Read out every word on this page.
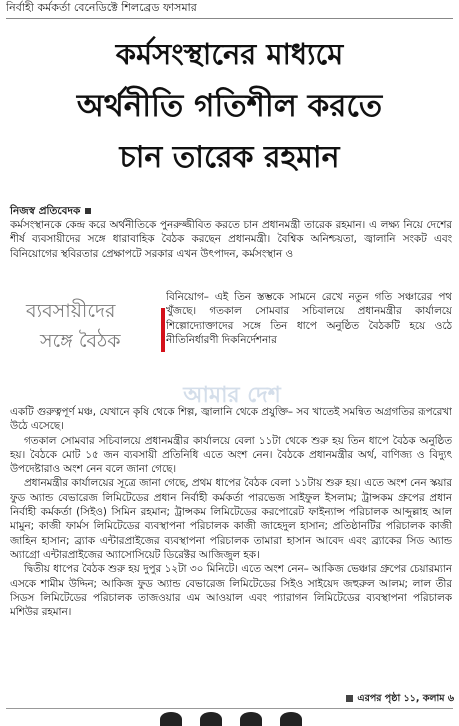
নির্বাহী কর্মকর্তা বেনেডিক্টে শিলব্রেড ফাসমার
কর্মসংস্থানের মাধ্যমে
অর্থনীতি গতিশীল করতে
চান তারেক রহমান
নিজস্ব প্রতিবেদক

কর্মসংস্থানকে কেন্দ্র করে অর্থনীতিকে পুনরুজ্জীবিত করতে চান প্রধানমন্ত্রী তারেক রহমান। এ লক্ষ্য নিয়ে দেশের শীর্ষ ব্যবসায়ীদের সঙ্গে ধারাবাহিক বৈঠক করছেন প্রধানমন্ত্রী। বৈশ্বিক অনিশ্চয়তা, জ্বালানি সংকট এবং বিনিয়োগের স্থবিরতার প্রেক্ষাপটে সরকার এখন উৎপাদন, কর্মসংস্থান ও

ব্যবসায়ীদের
সঙ্গে বৈঠক

বিনিয়োগ– এই তিন স্তম্ভকে সামনে রেখে নতুন গতি সঞ্চারের পথ খুঁজছে। গতকাল সোমবার সচিবালয়ে প্রধানমন্ত্রীর কার্যালয়ে শিল্পোদ্যোক্তাদের সঙ্গে তিন ধাপে অনুষ্ঠিত বৈঠকটি হয়ে ওঠে নীতিনির্ধারণী দিকনির্দেশনার

একটি গুরুত্বপূর্ণ মঞ্চ, যেখানে কৃষি থেকে শিল্প, জ্বালানি থেকে প্রযুক্তি– সব খাতেই সমন্বিত অগ্রগতির রূপরেখা উঠে এসেছে।

গতকাল সোমবার সচিবালয়ে প্রধানমন্ত্রীর কার্যালয়ে বেলা ১১টা থেকে শুরু হয় তিন ধাপে বৈঠক অনুষ্ঠিত হয়। বৈঠকে মোট ১৫ জন ব্যবসায়ী প্রতিনিধি এতে অংশ নেন। বৈঠকে প্রধানমন্ত্রীর অর্থ, বাণিজ্য ও বিদ্যুৎ উপদেষ্টারাও অংশ নেন বলে জানা গেছে।

প্রধানমন্ত্রীর কার্যালয়ের সূত্রে জানা গেছে, প্রথম ধাপের বৈঠক বেলা ১১টায় শুরু হয়। এতে অংশ নেন স্কয়ার ফুড অ্যান্ড বেভারেজ লিমিটেডের প্রধান নির্বাহী কর্মকর্তা পারভেজ সাইফুল ইসলাম; ট্রান্সকম গ্রুপের প্রধান নির্বাহী কর্মকর্তা (সিইও) সিমিন রহমান; ট্রান্সকম লিমিটেডের করপোরেট ফাইন্যান্স পরিচালক আব্দুল্লাহ আল মামুন; কাজী ফার্মস লিমিটেডের ব্যবস্থাপনা পরিচালক কাজী জাহেদুল হাসান; প্রতিষ্ঠানটির পরিচালক কাজী জাহিন হাসান; ব্র্যাক এন্টারপ্রাইজের ব্যবস্থাপনা পরিচালক তামারা হাসান আবেদ এবং ব্র্যাকের সিড অ্যান্ড অ্যাগ্রো এন্টারপ্রাইজের অ্যাসোসিয়েট ডিরেক্টর আজিজুল হক।

দ্বিতীয় ধাপের বৈঠক শুরু হয় দুপুর ১২টা ৩০ মিনিটে। এতে অংশ নেন– আকিজ ভেঞ্চার গ্রুপের চেয়ারম্যান এসকে শামীম উদ্দিন; আকিজ ফুড অ্যান্ড বেভারেজ লিমিটেডের সিইও সাইয়েদ জহুরুল আলম; লাল তীর সিডস লিমিটেডের পরিচালক তাজওয়ার এম আওয়াল এবং প্যারাগন লিমিটেডের ব্যবস্থাপনা পরিচালক মশিউর রহমান।

আমার দেশ
এরপর পৃষ্ঠা ১১, কলাম ৬
